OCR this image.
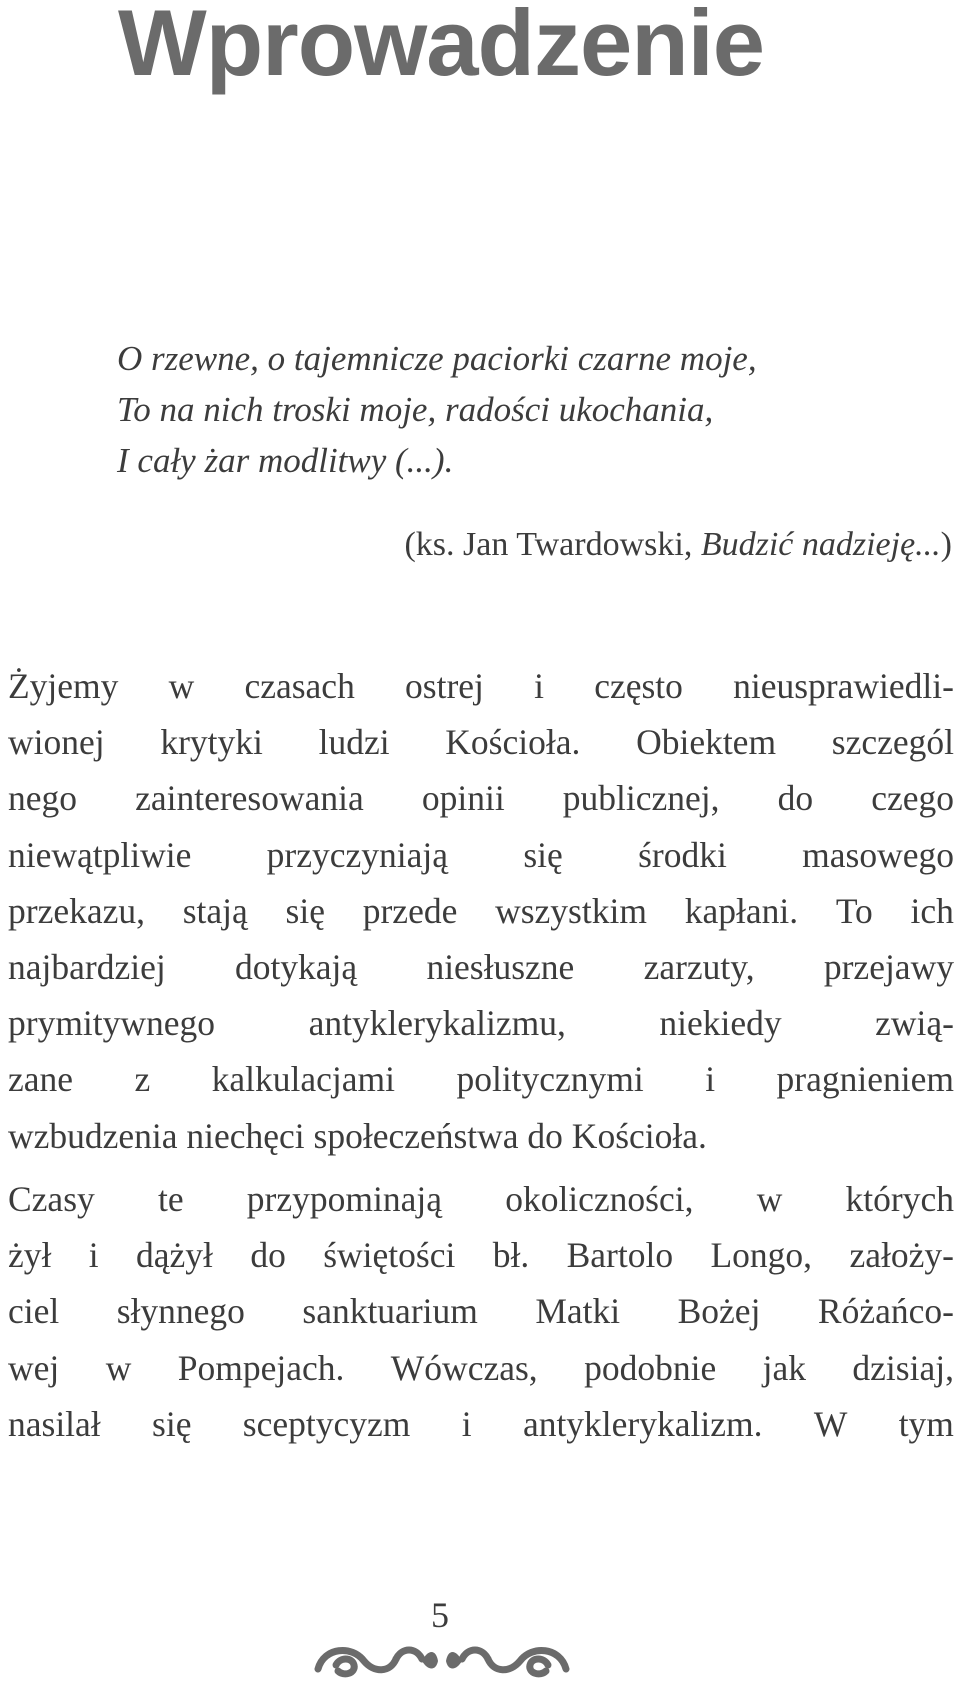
Wprowadzenie
O rzewne, o tajemnicze paciorki czarne moje,
To na nich troski moje, radości ukochania,
I cały żar modlitwy (...).
(ks. Jan Twardowski, Budzić nadzieję...)
Żyjemy w czasach ostrej i często nieusprawiedli-
wionej krytyki ludzi Kościoła. Obiektem szczegól
nego zainteresowania opinii publicznej, do czego
niewątpliwie przyczyniają się środki masowego
przekazu, stają się przede wszystkim kapłani. To ich
najbardziej dotykają niesłuszne zarzuty, przejawy
prymitywnego	antyklerykalizmu,	niekiedy	zwią-
zane z kalkulacjami politycznymi i pragnieniem
wzbudzenia niechęci społeczeństwa do Kościoła.
Czasy te przypominają okoliczności, w których
żył i dążył do świętości bł. Bartolo Longo, założy-
ciel słynnego sanktuarium Matki Bożej Różańco-
wej w Pompejach. Wówczas, podobnie jak dzisiaj,
nasilał się sceptycyzm i antyklerykalizm. W tym
5
